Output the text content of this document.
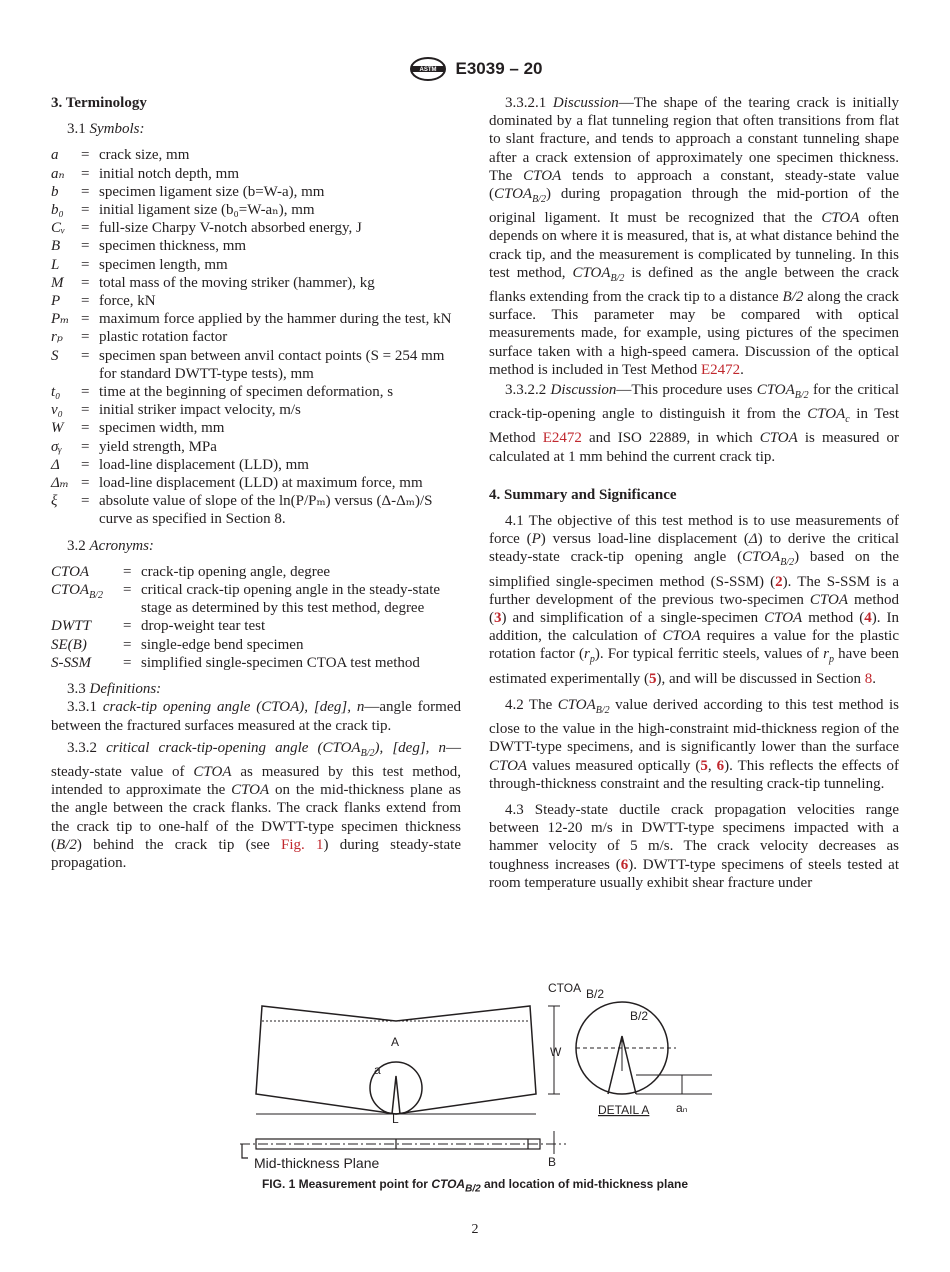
ASTM E3039 – 20
3. Terminology

3.1 Symbols:

a	= crack size, mm
aₙ	= initial notch depth, mm
b	= specimen ligament size (b=W-a), mm
b₀	= initial ligament size (b₀=W-aₙ), mm
Cᵥ	= full-size Charpy V-notch absorbed energy, J
B	= specimen thickness, mm
L	= specimen length, mm
M	= total mass of the moving striker (hammer), kg
P	= force, kN
Pₘ = maximum force applied by the hammer during the test, kN
rₚ	= plastic rotation factor
S	= specimen span between anvil contact points (S = 254 mm for standard DWTT-type tests), mm
t₀	= time at the beginning of specimen deformation, s
v₀	= initial striker impact velocity, m/s
W	= specimen width, mm
σᵧ	= yield strength, MPa
Δ	= load-line displacement (LLD), mm
Δₘ = load-line displacement (LLD) at maximum force, mm
ξ	= absolute value of slope of the ln(P/Pₘ) versus (Δ-Δₘ)/S curve as specified in Section 8.

3.2 Acronyms:

CTOA	= crack-tip opening angle, degree
$CTOA_{B/2}$	= critical crack-tip opening angle in the steady-state stage as determined by this test method, degree
DWTT	= drop-weight tear test
SE(B)	= single-edge bend specimen
S-SSM	= simplified single-specimen CTOA test method

3.3 Definitions:

3.3.1 crack-tip opening angle (CTOA), [deg], n—angle formed between the fractured surfaces measured at the crack tip.

3.3.2 critical crack-tip-opening angle $(CTOA_{B/2})$, [deg], n—steady-state value of CTOA as measured by this test method, intended to approximate the CTOA on the mid-thickness plane as the angle between the crack flanks. The crack flanks extend from the crack tip to one-half of the DWTT-type specimen thickness (B/2) behind the crack tip (see Fig. 1) during steady-state propagation.

3.3.2.1 Discussion—The shape of the tearing crack is initially dominated by a flat tunneling region that often transitions from flat to slant fracture, and tends to approach a constant tunneling shape after a crack extension of approximately one specimen thickness. The CTOA tends to approach a constant, steady-state value $(CTOA_{B/2})$ during propagation through the mid-portion of the original ligament. It must be recognized that the CTOA often depends on where it is measured, that is, at what distance behind the crack tip, and the measurement is complicated by tunneling. In this test method, $CTOA_{B/2}$ is defined as the angle between the crack flanks extending from the crack tip to a distance B/2 along the crack surface. This parameter may be compared with optical measurements made, for example, using pictures of the specimen surface taken with a high-speed camera. Discussion of the optical method is included in Test Method E2472.

3.3.2.2 Discussion—This procedure uses $CTOA_{B/2}$ for the critical crack-tip-opening angle to distinguish it from the $CTOA_c$ in Test Method E2472 and ISO 22889, in which CTOA is measured or calculated at 1 mm behind the current crack tip.

4. Summary and Significance

4.1 The objective of this test method is to use measurements of force (P) versus load-line displacement (Δ) to derive the critical steady-state crack-tip opening angle $(CTOA_{B/2})$ based on the simplified single-specimen method (S-SSM) (2). The S-SSM is a further development of the previous two-specimen CTOA method (3) and simplification of a single-specimen CTOA method (4). In addition, the calculation of CTOA requires a value for the plastic rotation factor $(r_p)$. For typical ferritic steels, values of $r_p$ have been estimated experimentally (5), and will be discussed in Section 8.

4.2 The $CTOA_{B/2}$ value derived according to this test method is close to the value in the high-constraint mid-thickness region of the DWTT-type specimens, and is significantly lower than the surface CTOA values measured optically (5, 6). This reflects the effects of through-thickness constraint and the resulting crack-tip tunneling.

4.3 Steady-state ductile crack propagation velocities range between 12-20 m/s in DWTT-type specimens impacted with a hammer velocity of 5 m/s. The crack velocity decreases as toughness increases (6). DWTT-type specimens of steels tested at room temperature usually exhibit shear fracture under

A
a
W
L
CTOA B/2
B/2
DETAIL A aₙ
Mid-thickness Plane	B
FIG. 1 Measurement point for $CTOA_{B/2}$ and location of mid-thickness plane
2
